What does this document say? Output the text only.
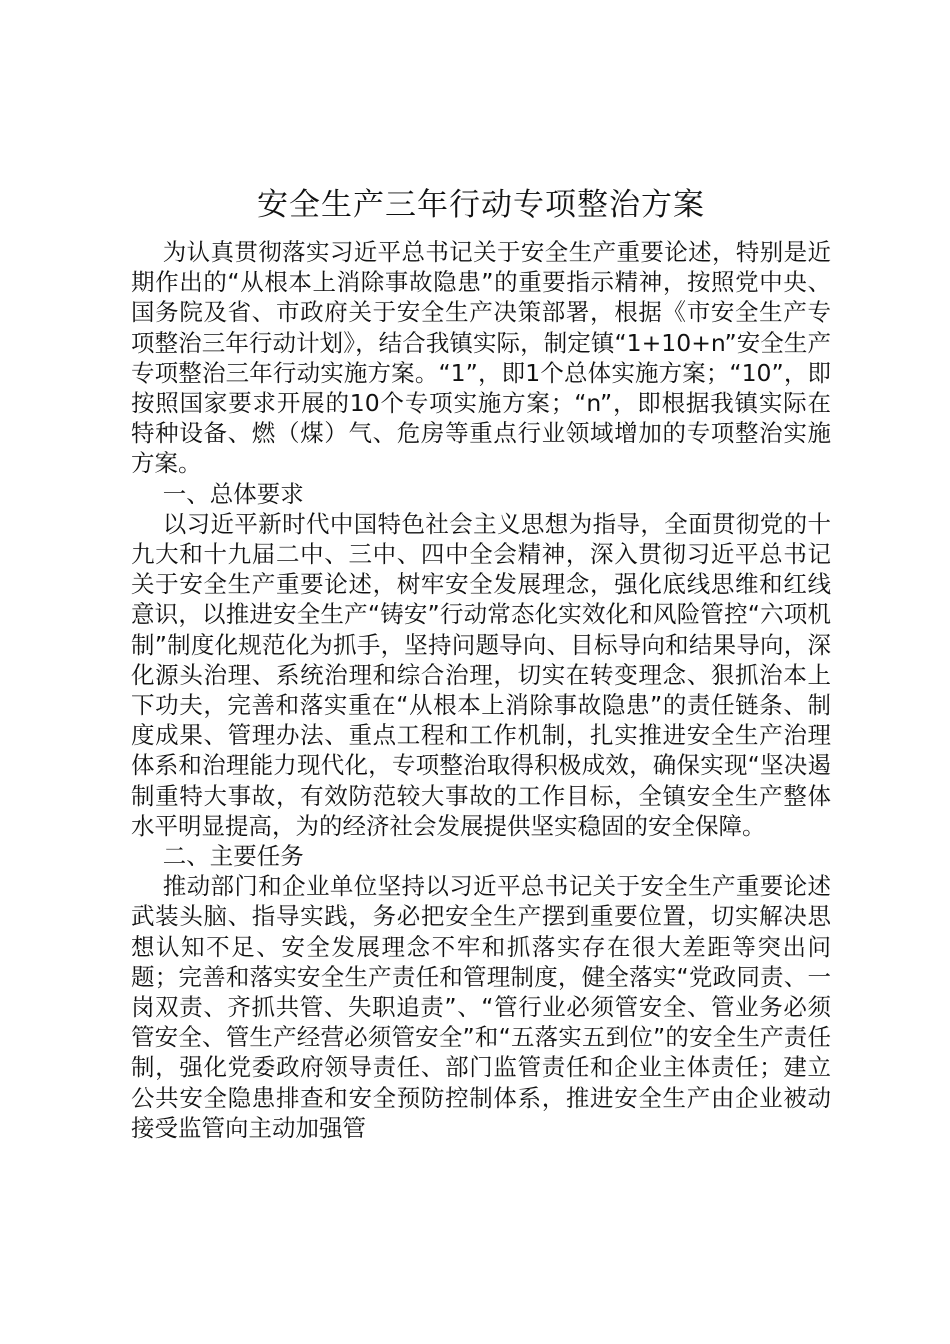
安全生产三年行动专项整治方案

为认真贯彻落实习近平总书记关于安全生产重要论述，特别是近期作出的“从根本上消除事故隐患”的重要指示精神，按照党中央、国务院及省、市政府关于安全生产决策部署，根据《市安全生产专项整治三年行动计划》，结合我镇实际，制定镇“1+10+n”安全生产专项整治三年行动实施方案。“1”，即1个总体实施方案；“10”，即按照国家要求开展的10个专项实施方案；“n”，即根据我镇实际在特种设备、燃（煤）气、危房等重点行业领域增加的专项整治实施方案。

一、总体要求

以习近平新时代中国特色社会主义思想为指导，全面贯彻党的十九大和十九届二中、三中、四中全会精神，深入贯彻习近平总书记关于安全生产重要论述，树牢安全发展理念，强化底线思维和红线意识，以推进安全生产“铸安”行动常态化实效化和风险管控“六项机制”制度化规范化为抓手，坚持问题导向、目标导向和结果导向，深化源头治理、系统治理和综合治理，切实在转变理念、狠抓治本上下功夫，完善和落实重在“从根本上消除事故隐患”的责任链条、制度成果、管理办法、重点工程和工作机制，扎实推进安全生产治理体系和治理能力现代化，专项整治取得积极成效，确保实现“坚决遏制重特大事故，有效防范较大事故的工作目标，全镇安全生产整体水平明显提高，为的经济社会发展提供坚实稳固的安全保障。

二、主要任务

推动部门和企业单位坚持以习近平总书记关于安全生产重要论述武装头脑、指导实践，务必把安全生产摆到重要位置，切实解决思想认知不足、安全发展理念不牢和抓落实存在很大差距等突出问题；完善和落实安全生产责任和管理制度，健全落实“党政同责、一岗双责、齐抓共管、失职追责”、“管行业必须管安全、管业务必须管安全、管生产经营必须管安全”和“五落实五到位”的安全生产责任制，强化党委政府领导责任、部门监管责任和企业主体责任；建立公共安全隐患排查和安全预防控制体系，推进安全生产由企业被动接受监管向主动加强管
